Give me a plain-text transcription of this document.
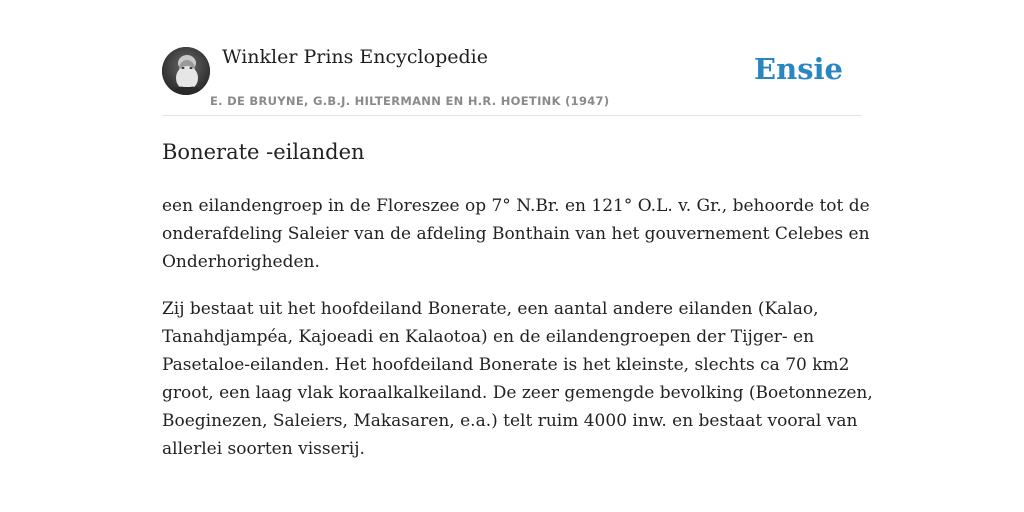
Winkler Prins Encyclopedie
E. DE BRUYNE, G.B.J. HILTERMANN EN H.R. HOETINK (1947)
Ensie
Bonerate -eilanden

een eilandengroep in de Floreszee op 7° N.Br. en 121° O.L. v. Gr., behoorde tot de
onderafdeling Saleier van de afdeling Bonthain van het gouvernement Celebes en
Onderhorigheden.

Zij bestaat uit het hoofdeiland Bonerate, een aantal andere eilanden (Kalao,
Tanahdjampéa, Kajoeadi en Kalaotoa) en de eilandengroepen der Tijger- en
Pasetaloe-eilanden. Het hoofdeiland Bonerate is het kleinste, slechts ca 70 km2
groot, een laag vlak koraalkalkeiland. De zeer gemengde bevolking (Boetonnezen,
Boeginezen, Saleiers, Makasaren, e.a.) telt ruim 4000 inw. en bestaat vooral van
allerlei soorten visserij.
